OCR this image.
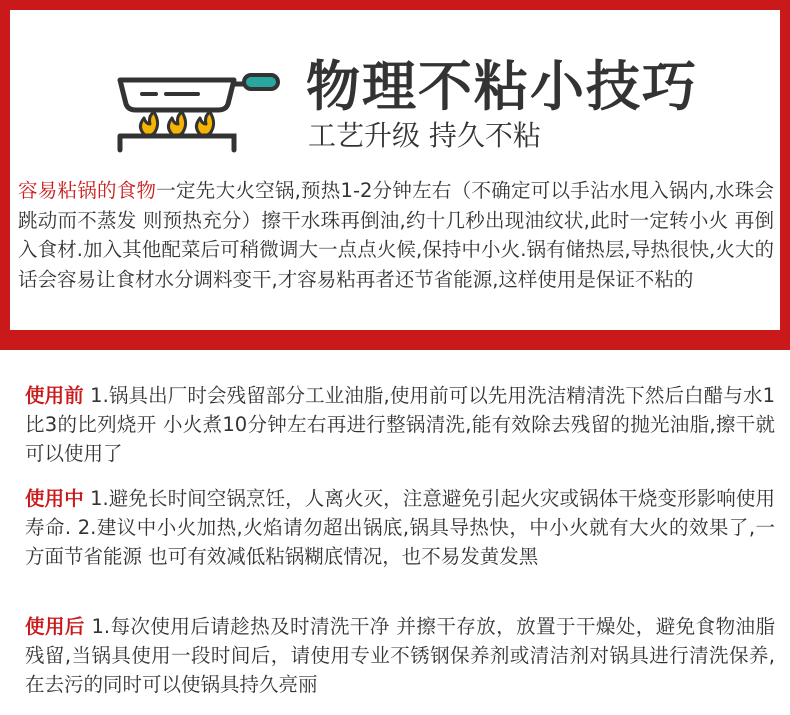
物理不粘小技巧
工艺升级 持久不粘
容易粘锅的食物一定先大火空锅,预热1-2分钟左右（不确定可以手沾水甩入锅内,水珠会跳动而不蒸发 则预热充分）擦干水珠再倒油,约十几秒出现油纹状,此时一定转小火 再倒入食材.加入其他配菜后可稍微调大一点点火候,保持中小火.锅有储热层,导热很快,火大的话会容易让食材水分调料变干,才容易粘再者还节省能源,这样使用是保证不粘的
使用前 1.锅具出厂时会残留部分工业油脂,使用前可以先用洗洁精清洗下然后白醋与水1比3的比列烧开 小火煮10分钟左右再进行整锅清洗,能有效除去残留的抛光油脂,擦干就可以使用了
使用中 1.避免长时间空锅烹饪，人离火灭，注意避免引起火灾或锅体干烧变形影响使用寿命. 2.建议中小火加热,火焰请勿超出锅底,锅具导热快，中小火就有大火的效果了,一方面节省能源 也可有效减低粘锅糊底情况，也不易发黄发黑
使用后 1.每次使用后请趁热及时清洗干净 并擦干存放，放置于干燥处，避免食物油脂残留,当锅具使用一段时间后，请使用专业不锈钢保养剂或清洁剂对锅具进行清洗保养,在去污的同时可以使锅具持久亮丽
